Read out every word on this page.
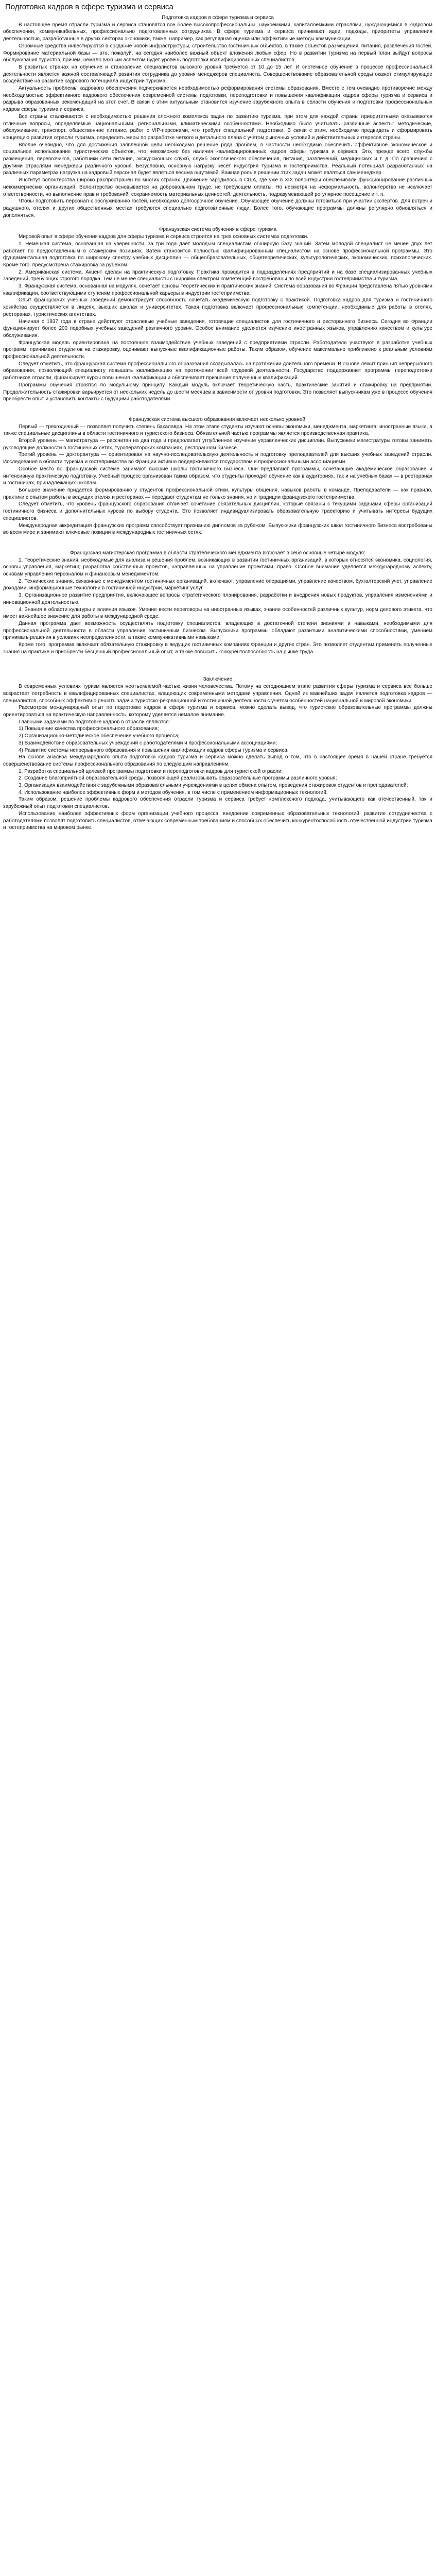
Подготовка кадров в сфере туризма и сервиса

Подготовка кадров в сфере туризма и сервиса

В настоящее время отрасли туризма и сервиса становятся все более высокопрофессиональны, наукоемкими, капиталоемкими отраслями, нуждающимися в кадровом обеспечении, коммуникабельных, профессионально подготовленных сотрудниках. В сфере туризма и сервиса принимают идеи, подходы, приоритеты управления деятельностью, разработанные в других секторах экономики, также, например, как регулярная оценка или эффективные методы коммуникации.

Огромные средства инвестируются в создание новой инфраструктуры, строительство гостиничных объектов, в также объектов размещения, питания, развлечения гостей. Формирование материальной базы — это, пожалуй, на сегодня наиболее важный объект вложения любых сфер. Но в развитии туризма на первый план выйдут вопросы обслуживания туристов, причем, немало важным аспектом будет уровень подготовки квалифицированных специалистов.

В развитых странах на обучение и становление специалистов высокого уровня требуется от 10 до 15 лет. И системное обучение в процессе профессиональной деятельности является важной составляющей развития сотрудника до уровня менеджеров специалиста. Совершенствование образовательной среды окажет стимулирующее воздействие на развитие кадрового потенциала индустрии туризма.

Актуальность проблемы кадрового обеспечения подчеркивается необходимостью реформирования системы образования. Вместе с тем очевидно противоречие между необходимостью эффективного кадрового обеспечения современной системы подготовки, переподготовки и повышения квалификации кадров сферы туризма и сервиса и разрыва образованных рекомендаций на этот счет. В связи с этим актуальным становится изучение зарубежного опыта в области обучения и подготовки профессиональных кадров сферы туризма и сервиса.

Все страны сталкиваются с необходимостью решения сложного комплекса задач по развитию туризма, при этом для каждой страны приоритетными оказываются отличные вопросы, определяемые национальными, региональными, климатическими особенностями. Необходимо было учитывать различные аспекты: методические, обслуживание, транспорт, общественное питание, работ с VIP-персонами, что требует специальной подготовки. В связи с этим, необходимо предвидеть и сформировать концепцию развития отрасли туризма, определить меры по разработке четкого и детального плана с учетом рыночных условий и действительных интересов страны.

Вполне очевидно, что для достижения заявленной цели необходимо решение ряда проблем, в частности необходимо обеспечить эффективное экономическое и социальное использование туристических объектов, что невозможно без наличия квалифицированных кадров сферы туризма и сервиса. Это, прежде всего, службы размещения, перевозчиков, работники сети питания, экскурсионных служб, служб экологического обеспечения, питания, развлечений, медицинских и т. д. По сравнению с другими отраслями менеджеры различного уровня. Безусловно, основную нагрузку несет индустрия туризма и гостеприимства. Реальный потенциал разработанных на различных параметрах нагрузка на кадровый персонал будет являться весьма ощутимой. Важная роль в решении этих задач может являться сам менеджер.

Институт волонтерства широко распространен во многих странах. Движение зародилось в США, где уже в XIX волонтеры обеспечивали функционирование различных некоммерческих организаций. Волонтерство основывается на добровольном труде, не требующем оплаты. Но несмотря на неформальность, волонтерство не исключает ответственности, но выполнение прав и требований, сохраняемость материальных ценностей, деятельность, подразумевающей регулярное посещение и т. п.

Чтобы подготовить персонал к обслуживанию гостей, необходимо долгосрочное обучение. Обучающее обучение должны готовиться при участии экспертов. Для встреч и радушного, отелях и других общественных местах требуются специально подготовленные люди. Более того, обучающие программы должны регулярно обновляться и дополняться.

Французская система обучения в сфере туризма

Мировой опыт в сфере обучения кадров для сферы туризма и сервиса строится на трех основных системах подготовки.

1. Немецкая система, основанная на уверенности, за три года дает молодым специалистам обширную базу знаний. Затем молодой специалист не менее двух лет работает по предоставленным в стажерских позициях. Затем становится полностью квалифицированным специалистом на основе профессиональной программы. Это фундаментальная подготовка по широкому спектру учебных дисциплин — общеобразовательных, общетеоретических, культурологических, экономических, психологических. Кроме того, предусмотрена стажировка за рубежом.

2. Американская система. Акцент сделан на практическую подготовку. Практика проводится в подразделениях предприятий и на базе специализированных учебных заведений, требующих строгого порядка. Тем не менее специалисты с широким спектром компетенций востребованы по всей индустрии гостеприимства и туризма.

3. Французская система, основанная на модулях, сочетает основы теоретических и практических знаний. Система образования во Франции представлена пятью уровнями квалификации, соответствующими ступеням профессиональной карьеры в индустрии гостеприимства.

Опыт французских учебных заведений демонстрирует способность сочетать академическую подготовку с практикой. Подготовка кадров для туризма и гостиничного хозяйства осуществляется в лицеях, высших школах и университетах. Такая подготовка включает профессиональные компетенции, необходимые для работы в отелях, ресторанах, туристических агентствах.

Начиная с 1937 года в стране действуют отраслевые учебные заведения, готовящие специалистов для гостиничного и ресторанного бизнеса. Сегодня во Франции функционирует более 200 подобных учебных заведений различного уровня. Особое внимание уделяется изучению иностранных языков, управлению качеством и культуре обслуживания.

Французская модель ориентирована на постоянное взаимодействие учебных заведений с предприятиями отрасли. Работодатели участвуют в разработке учебных программ, принимают студентов на стажировку, оценивают выпускные квалификационные работы. Таким образом, обучение максимально приближено к реальным условиям профессиональной деятельности.

Следует отметить, что французская система профессионального образования складывалась на протяжении длительного времени. В основе лежит принцип непрерывного образования, позволяющий специалисту повышать квалификацию на протяжении всей трудовой деятельности. Государство поддерживает программы переподготовки работников отрасли, финансирует курсы повышения квалификации и обеспечивает признание полученных квалификаций.

Программы обучения строятся по модульному принципу. Каждый модуль включает теоретическую часть, практические занятия и стажировку на предприятии. Продолжительность стажировки варьируется от нескольких недель до шести месяцев в зависимости от уровня подготовки. Это позволяет выпускникам уже в процессе обучения приобрести опыт и установить контакты с будущими работодателями.

Французская система высшего образования включает несколько уровней:

Первый — трехгодичный — позволяет получить степень бакалавра. На этом этапе студенты изучают основы экономики, менеджмента, маркетинга, иностранные языки, а также специальные дисциплины в области гостиничного и туристского бизнеса. Обязательной частью программы является производственная практика.

Второй уровень — магистратура — рассчитан на два года и предполагает углубленное изучение управленческих дисциплин. Выпускники магистратуры готовы занимать руководящие должности в гостиничных сетях, туроператорских компаниях, ресторанном бизнесе.

Третий уровень — докторантура — ориентирован на научно-исследовательскую деятельность и подготовку преподавателей для высших учебных заведений отрасли. Исследования в области туризма и гостеприимства во Франции активно поддерживаются государством и профессиональными ассоциациями.

Особое место во французской системе занимают высшие школы гостиничного бизнеса. Они предлагают программы, сочетающие академическое образование и интенсивную практическую подготовку. Учебный процесс организован таким образом, что студенты проходят обучение как в аудиториях, так и на учебных базах — в ресторанах и гостиницах, принадлежащих школам.

Большое значение придается формированию у студентов профессиональной этики, культуры общения, навыков работы в команде. Преподаватели — как правило, практики с опытом работы в ведущих отелях и ресторанах — передают студентам не только знания, но и традиции французского гостеприимства.

Следует отметить, что уровень французского образования отличает сочетание обязательных дисциплин, которые связаны с текущими задачами сферы организаций гостиничного бизнеса и дополнительных курсов по выбору студента. Это позволяет индивидуализировать образовательную траекторию и учитывать интересы будущих специалистов.

Международная аккредитация французских программ способствует признанию дипломов за рубежом. Выпускники французских школ гостиничного бизнеса востребованы во всем мире и занимают ключевые позиции в международных гостиничных сетях.

Французская магистерская программа в области стратегического менеджмента включает в себя основные четыре модуля:

1. Теоретические знания, необходимые для анализа и решения проблем, возникающих в развитии гостиничных организаций, в которых относятся экономика, социология, основы управления, маркетинг, разработка собственных проектов, направленных на управление проектами, право. Особое внимание уделяется международному аспекту, основам управления персоналом и финансовым менеджментом.

2. Технические знания, связанные с менеджментом гостиничных организаций, включают: управление операциями, управление качеством, бухгалтерский учет, управление доходами, информационные технологии в гостиничной индустрии, маркетинг услуг.

3. Организационное развитие предприятия, включающее вопросы стратегического планирования, разработки и внедрения новых продуктов, управления изменениями и инновационной деятельностью.

4. Знания в области культуры и влияния языков. Умение вести переговоры на иностранных языках, знание особенностей различных культур, норм делового этикета, что имеет важнейшее значение для работы в международной среде.

Данная программа дает возможность осуществлять подготовку специалистов, владеющих в достаточной степени знаниями и навыками, необходимыми для профессиональной деятельности в области управления гостиничным бизнесом. Выпускники программы обладают развитыми аналитическими способностями, умением принимать решения в условиях неопределенности, а также коммуникативными навыками.

Кроме того, программа включает обязательную стажировку в ведущих гостиничных компаниях Франции и других стран. Это позволяет студентам применить полученные знания на практике и приобрести бесценный профессиональный опыт, а также повысить конкурентоспособность на рынке труда.

Заключение

В современных условиях туризм является неотъемлемой частью жизни человечества. Потому на сегодняшнем этапе развития сферы туризма и сервиса все больше возрастает потребность в квалифицированных специалистах, владеющих современными методами управления. Одной из важнейших задач является подготовка кадров — специалистов, способных эффективно решать задачи туристско-рекреационной и гостиничной деятельности с учетом особенностей национальной и мировой экономики.

Рассмотрев международный опыт по подготовке кадров в сфере туризма и сервиса, можно сделать вывод, что туристские образовательные программы должны ориентироваться на практическую направленность, которому уделяется немалое внимание.

Главными задачами по подготовке кадров в отрасли являются:

1) Повышение качества профессионального образования;

2) Организационно-методическое обеспечение учебного процесса;

3) Взаимодействие образовательных учреждений с работодателями и профессиональными ассоциациями;

4) Развитие системы непрерывного образования и повышения квалификации кадров сферы туризма и сервиса.

На основе анализа международного опыта подготовки кадров туризма и сервиса можно сделать вывод о том, что в настоящее время в нашей стране требуется совершенствование системы профессионального образования по следующим направлениям:

1. Разработка специальной целевой программы подготовки и переподготовки кадров для туристской отрасли;

2. Создание благоприятной образовательной среды, позволяющей реализовывать образовательные программы различного уровня;

3. Организация взаимодействия с зарубежными образовательными учреждениями в целях обмена опытом, проведения стажировок студентов и преподавателей;

4. Использование наиболее эффективных форм и методов обучения, в том числе с применением информационных технологий.

Таким образом, решение проблемы кадрового обеспечения отрасли туризма и сервиса требует комплексного подхода, учитывающего как отечественный, так и зарубежный опыт подготовки специалистов.

Использование наиболее эффективных форм организации учебного процесса, внедрение современных образовательных технологий, развитие сотрудничества с работодателями позволят подготовить специалистов, отвечающих современным требованиям и способных обеспечить конкурентоспособность отечественной индустрии туризма и гостеприимства на мировом рынке.
